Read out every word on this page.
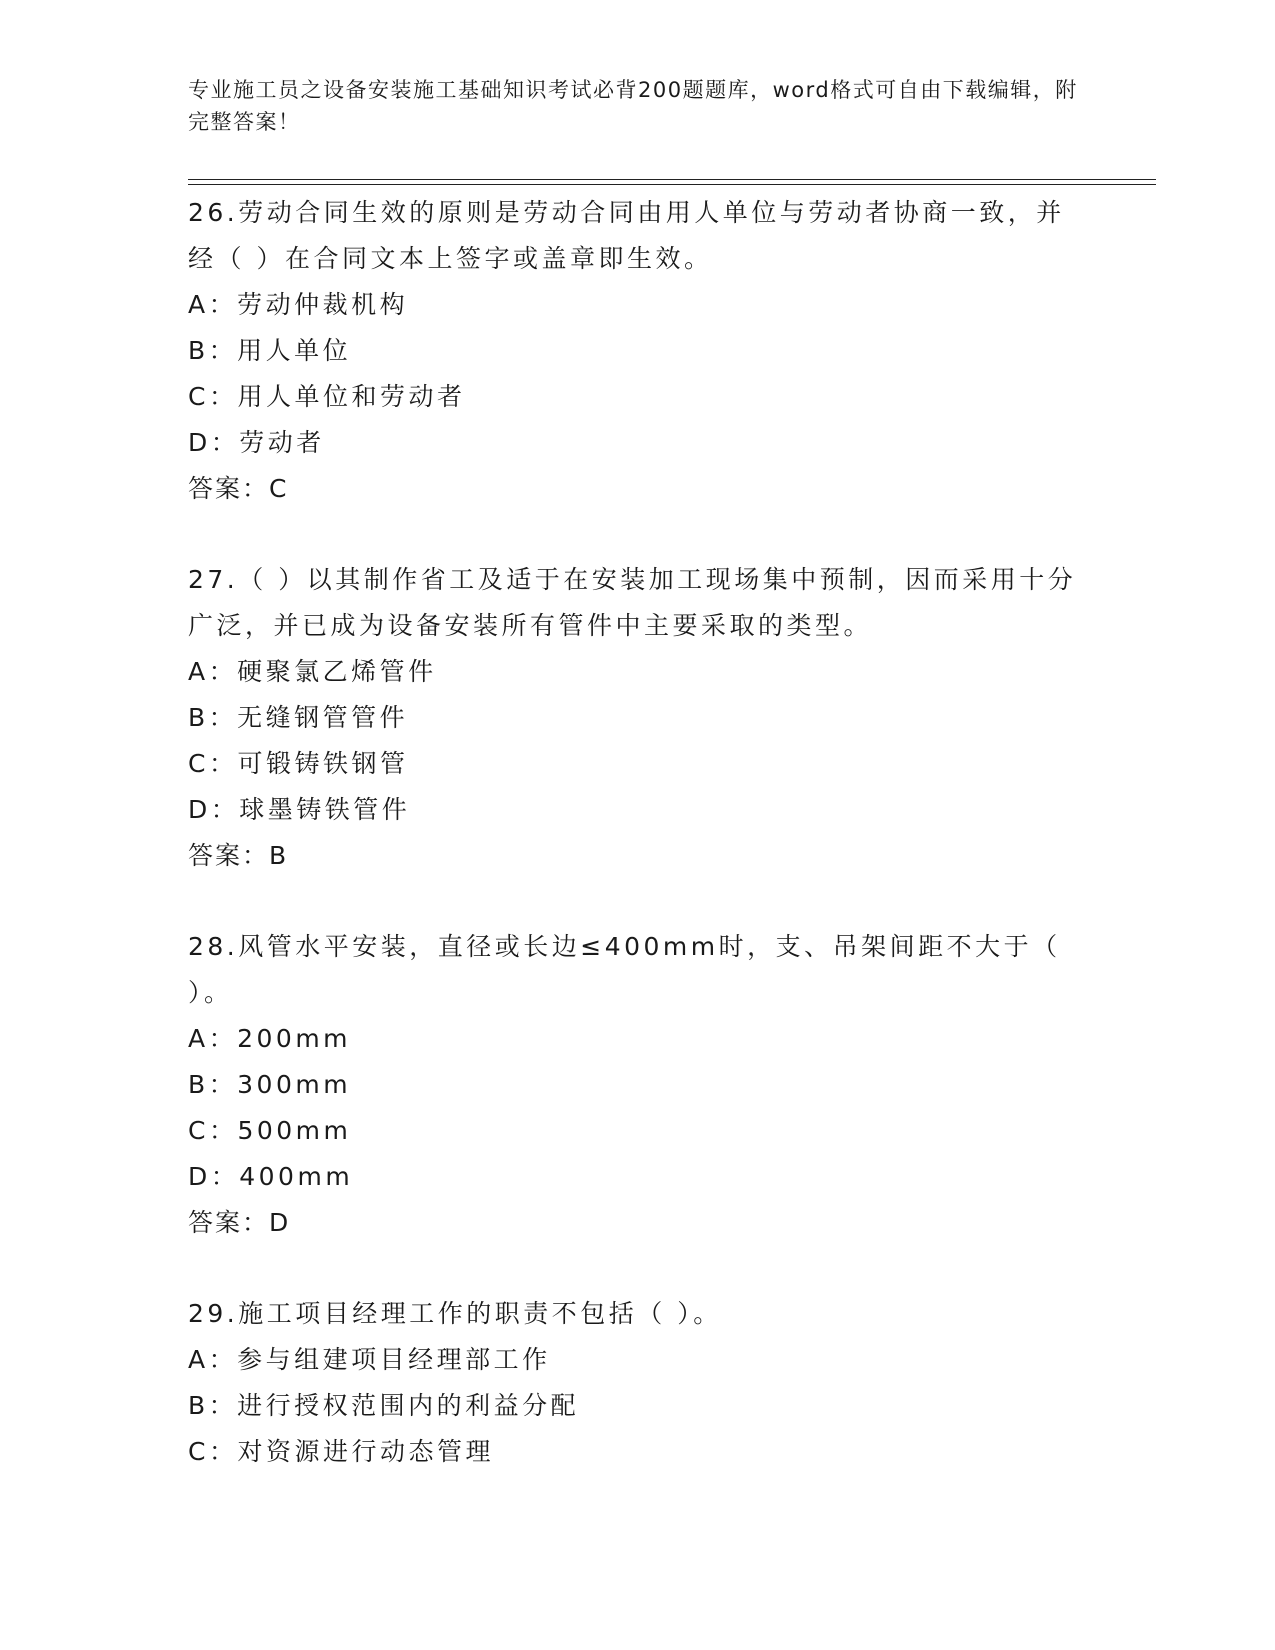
专业施工员之设备安装施工基础知识考试必背200题题库，word格式可自由下载编辑，附完整答案！

26.劳动合同生效的原则是劳动合同由用人单位与劳动者协商一致，并经（ ）在合同文本上签字或盖章即生效。

A：劳动仲裁机构

B：用人单位

C：用人单位和劳动者

D：劳动者

答案：C

27.（ ）以其制作省工及适于在安装加工现场集中预制，因而采用十分广泛，并已成为设备安装所有管件中主要采取的类型。

A：硬聚氯乙烯管件

B：无缝钢管管件

C：可锻铸铁钢管

D：球墨铸铁管件

答案：B

28.风管水平安装，直径或长边≤400mm时，支、吊架间距不大于（ ）。

A：200mm

B：300mm

C：500mm

D：400mm

答案：D

29.施工项目经理工作的职责不包括（ ）。

A：参与组建项目经理部工作

B：进行授权范围内的利益分配

C：对资源进行动态管理
